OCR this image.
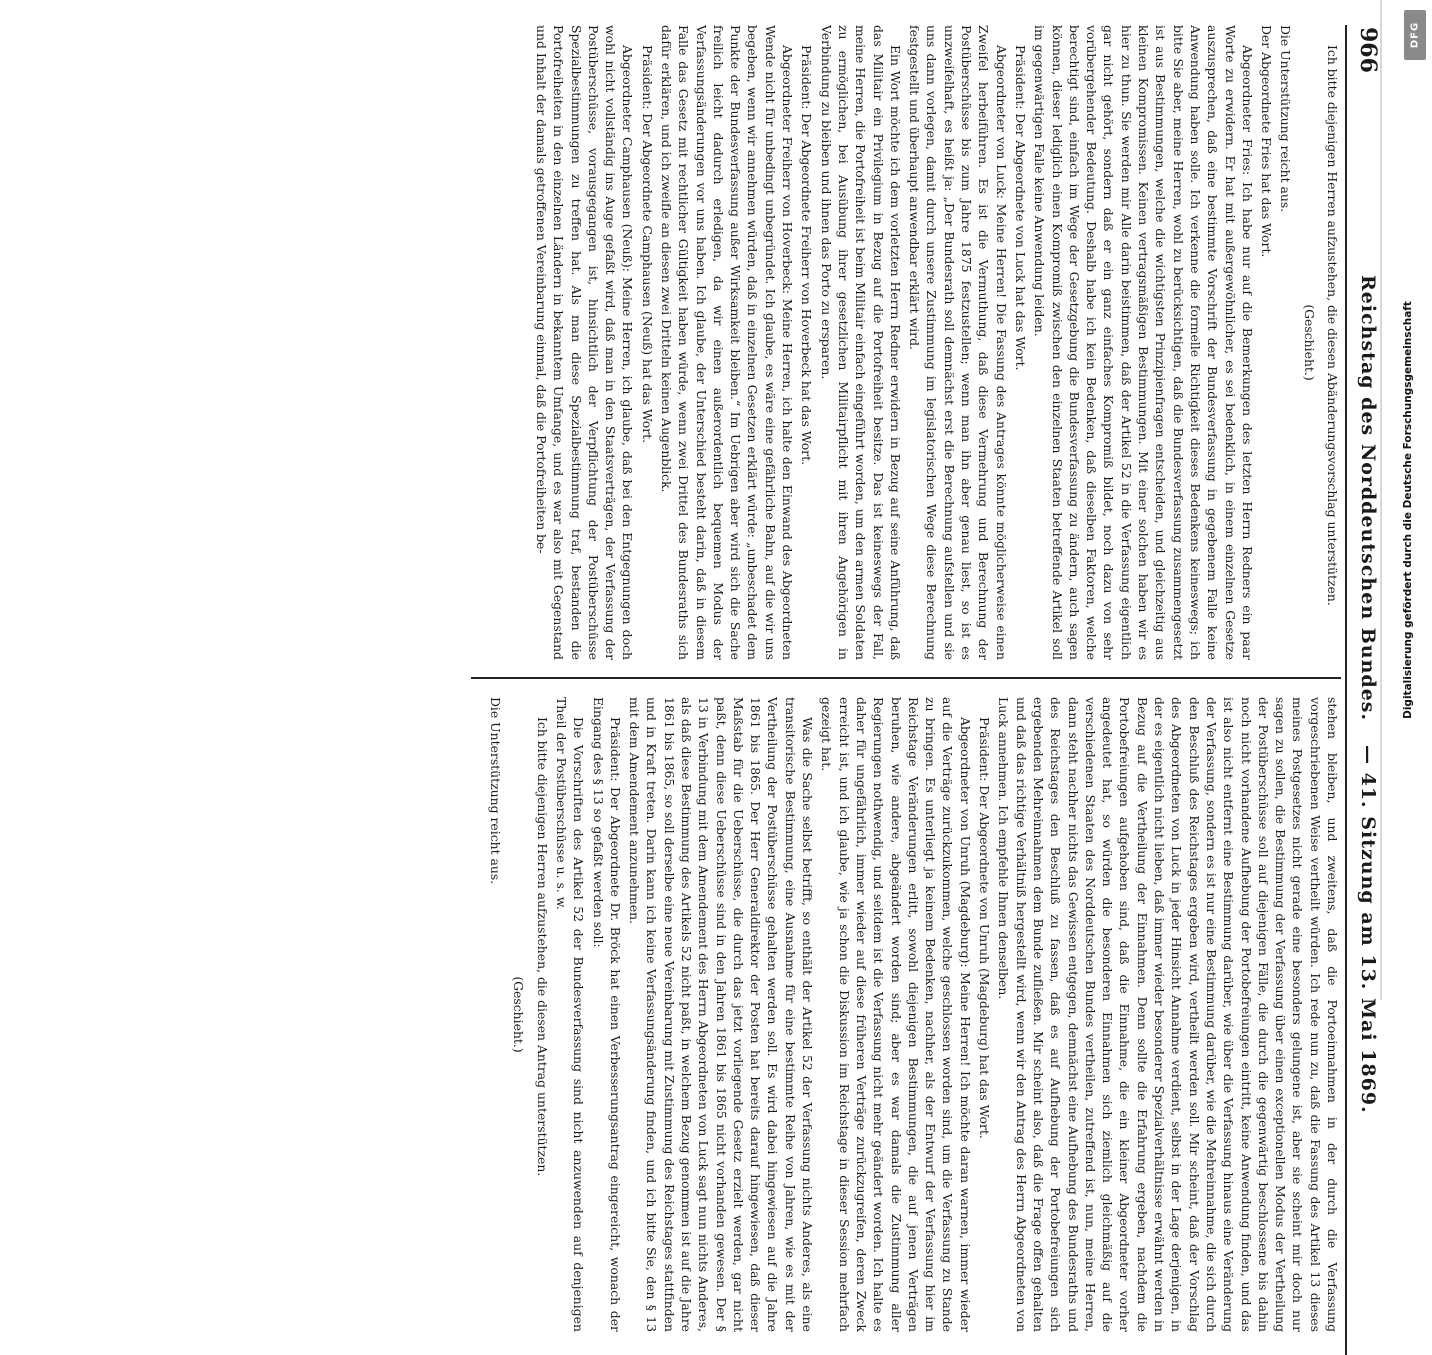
966
Reichstag des Norddeutschen Bundes.
— 41. Sitzung am 13. Mai 1869.

Ich bitte diejenigen Herren aufzustehen, die diesen Abänderungsvorschlag unterstützen.

(Geschieht.)

Die Unterstützung reicht aus.

Der Abgeordnete Fries hat das Wort.

Abgeordneter Fries: Ich habe nur auf die Bemerkungen des letzten Herrn Redners ein paar Worte zu erwidern. Er hat mit außergewöhnlicher, es sei bedenklich, in einem einzelnen Gesetze auszusprechen, daß eine bestimmte Vorschrift der Bundesverfassung in gegebenem Falle keine Anwendung haben solle. Ich verkenne die formelle Richtigkeit dieses Bedenkens keineswegs; ich bitte Sie aber, meine Herren, wohl zu berücksichtigen, daß die Bundesverfassung zusammengesetzt ist aus Bestimmungen, welche die wichtigsten Prinzipienfragen entscheiden, und gleichzeitig aus kleinen Kompromissen. Keinen vertragsmäßigen Bestimmungen. Mit einer solchen haben wir es hier zu thun. Sie werden mir Alle darin beistimmen, daß der Artikel 52 in die Verfassung eigentlich gar nicht gehört, sondern daß er ein ganz einfaches Kompromiß bildet, noch dazu von sehr vorübergehender Bedeutung. Deshalb habe ich kein Bedenken, daß dieselben Faktoren, welche berechtigt sind, einfach im Wege der Gesetzgebung die Bundesverfassung zu ändern, auch sagen können, dieser lediglich einen Kompromiß zwischen den einzelnen Staaten betreffende Artikel soll im gegenwärtigen Falle keine Anwendung leiden.

Präsident: Der Abgeordnete von Luck hat das Wort.

Abgeordneter von Luck: Meine Herren! Die Fassung des Antrages könnte möglicherweise einen Zweifel herbeiführen. Es ist die Vermuthung, daß diese Vermehrung und Berechnung der Postüberschüsse bis zum Jahre 1875 festzustellen; wenn man ihn aber genau liest, so ist es unzweifelhaft, es heißt ja: „Der Bundesrath soll demnächst erst die Berechnung aufstellen und sie uns dann vorlegen, damit durch unsere Zustimmung im legislatorischen Wege diese Berechnung festgestellt und überhaupt anwendbar erklärt wird.

Ein Wort möchte ich dem vorletzten Herrn Redner erwidern in Bezug auf seine Anführung, daß das Militair ein Privilegium in Bezug auf die Portofreiheit besitze. Das ist keineswegs der Fall, meine Herren, die Portofreiheit ist beim Militair einfach eingeführt worden, um den armen Soldaten zu ermöglichen, bei Ausübung ihrer gesetzlichen Militairpflicht mit ihren Angehörigen in Verbindung zu bleiben und ihnen das Porto zu ersparen.

Präsident: Der Abgeordnete Freiherr von Hoverbeck hat das Wort.

Abgeordneter Freiherr von Hoverbeck: Meine Herren, ich halte den Einwand des Abgeordneten Wende nicht für unbedingt unbegründet. Ich glaube, es wäre eine gefährliche Bahn, auf die wir uns begeben, wenn wir annehmen würden, daß in einzelnen Gesetzen erklärt würde: „unbeschadet dem Punkte der Bundesverfassung außer Wirksamkeit bleiben.“ Im Uebrigen aber wird sich die Sache freilich leicht dadurch erledigen, da wir einen außerordentlich bequemen Modus der Verfassungsänderungen vor uns haben. Ich glaube, der Unterschied besteht darin, daß in diesem Falle das Gesetz mit rechtlicher Gültigkeit haben würde, wenn zwei Drittel des Bundesraths sich dafür erklären, und ich zweifle an diesen zwei Dritteln keinen Augenblick.

Präsident: Der Abgeordnete Camphausen (Neuß) hat das Wort.

Abgeordneter Camphausen (Neuß): Meine Herren, ich glaube, daß bei den Entgegnungen doch wohl nicht vollständig ins Auge gefaßt wird, daß man in den Staatsverträgen, der Verfassung der Postüberschüsse, vorausgegangen ist, hinsichtlich der Verpflichtung der Postüberschüsse Spezialbestimmungen zu treffen hat. Als man diese Spezialbestimmung traf, bestanden die Portofreiheiten in den einzelnen Ländern in bekanntem Umfange, und es war also mit Gegenstand und Inhalt der damals getroffenen Vereinbarung einmal, daß die Portofreiheiten be-

stehen bleiben, und zweitens, daß die Portoeinnahmen in der durch die Verfassung vorgeschriebenen Weise vertheilt würden. Ich rede nun zu, daß die Fassung des Artikel 13 dieses meines Postgesetzes nicht gerade eine besonders gelungene ist, aber sie scheint mir doch nur sagen zu sollen, die Bestimmung der Verfassung über einen exceptionellen Modus der Vertheilung der Postüberschüsse soll auf diejenigen Fälle, die durch die gegenwärtig beschlossene bis dahin noch nicht vorhandene Aufhebung der Portobefreiungen eintritt, keine Anwendung finden, und das ist also nicht entfernt eine Bestimmung darüber, wie über die Verfassung hinaus eine Veränderung der Verfassung, sondern es ist nur eine Bestimmung darüber, wie die Mehreinnahme, die sich durch den Beschluß des Reichstages ergeben wird, vertheilt werden soll. Mir scheint, daß der Vorschlag des Abgeordneten von Luck in jeder Hinsicht Annahme verdient, selbst in der Lage derjenigen, in der es eigentlich nicht lieben, daß immer wieder besonderer Spezialverhältnisse erwähnt werden in Bezug auf die Vertheilung der Einnahmen. Denn sollte die Erfahrung ergeben, nachdem die Portobefreiungen aufgehoben sind, daß die Einnahme, die ein kleiner Abgeordneter vorher angedeutet hat, so würden die besonderen Einnahmen sich ziemlich gleichmäßig auf die verschiedenen Staaten des Norddeutschen Bundes vertheilen, zutreffend ist, nun, meine Herren, dann steht nachher nichts das Gewissen entgegen, demnächst eine Aufhebung des Bundesraths und des Reichstages den Beschluß zu fassen, daß es auf Aufhebung der Portobefreiungen sich ergebenden Mehreinnahmen dem Bunde zufließen. Mir scheint also, daß die Frage offen gehalten und daß das richtige Verhältniß hergestellt wird, wenn wir den Antrag des Herrn Abgeordneten von Luck annehmen. Ich empfehle Ihnen denselben.

Präsident: Der Abgeordnete von Unruh (Magdeburg) hat das Wort.

Abgeordneter von Unruh (Magdeburg): Meine Herren! Ich möchte daran warnen, immer wieder auf die Verträge zurückzukommen, welche geschlossen worden sind, um die Verfassung zu Stande zu bringen. Es unterliegt ja keinem Bedenken, nachher, als der Entwurf der Verfassung hier im Reichstage Veränderungen erlitt, sowohl diejenigen Bestimmungen, die auf jenen Verträgen beruhen, wie andere, abgeändert worden sind; aber es war damals die Zustimmung aller Regierungen nothwendig, und seitdem ist die Verfassung nicht mehr geändert worden. Ich halte es daher für ungefährlich, immer wieder auf diese früheren Verträge zurückzugreifen, deren Zweck erreicht ist, und ich glaube, wie ja schon die Diskussion im Reichstage in dieser Session mehrfach gezeigt hat.

Was die Sache selbst betrifft, so enthält der Artikel 52 der Verfassung nichts Anderes, als eine transitorische Bestimmung, eine Ausnahme für eine bestimmte Reihe von Jahren, wie es mit der Vertheilung der Postüberschüsse gehalten werden soll. Es wird dabei hingewiesen auf die Jahre 1861 bis 1865. Der Herr Generaldirektor der Posten hat bereits darauf hingewiesen, daß dieser Maßstab für die Ueberschüsse, die durch das jetzt vorliegende Gesetz erzielt werden, gar nicht paßt, denn diese Ueberschüsse sind in den Jahren 1861 bis 1865 nicht vorhanden gewesen. Der § 13 in Verbindung mit dem Amendement des Herrn Abgeordneten von Luck sagt nun nichts Anderes, als daß diese Bestimmung des Artikels 52 nicht paßt, in welchem Bezug genommen ist auf die Jahre 1861 bis 1865, so soll derselbe eine neue Vereinbarung mit Zustimmung des Reichstages stattfinden und in Kraft treten. Darin kann ich keine Verfassungsänderung finden, und ich bitte Sie, den § 13 mit dem Amendement anzunehmen.

Präsident: Der Abgeordnete Dr. Bröck hat einen Verbesserungsantrag eingereicht, wonach der Eingang des § 13 so gefaßt werden soll:

Die Vorschriften des Artikel 52 der Bundesverfassung sind nicht anzuwenden auf denjenigen Theil der Postüberschüsse u. s. w.

Ich bitte diejenigen Herren aufzustehen, die diesen Antrag unterstützen.

(Geschieht.)

Die Unterstützung reicht aus.

Digitalisierung gefördert durch die Deutsche Forschungsgemeinschaft
DFG
